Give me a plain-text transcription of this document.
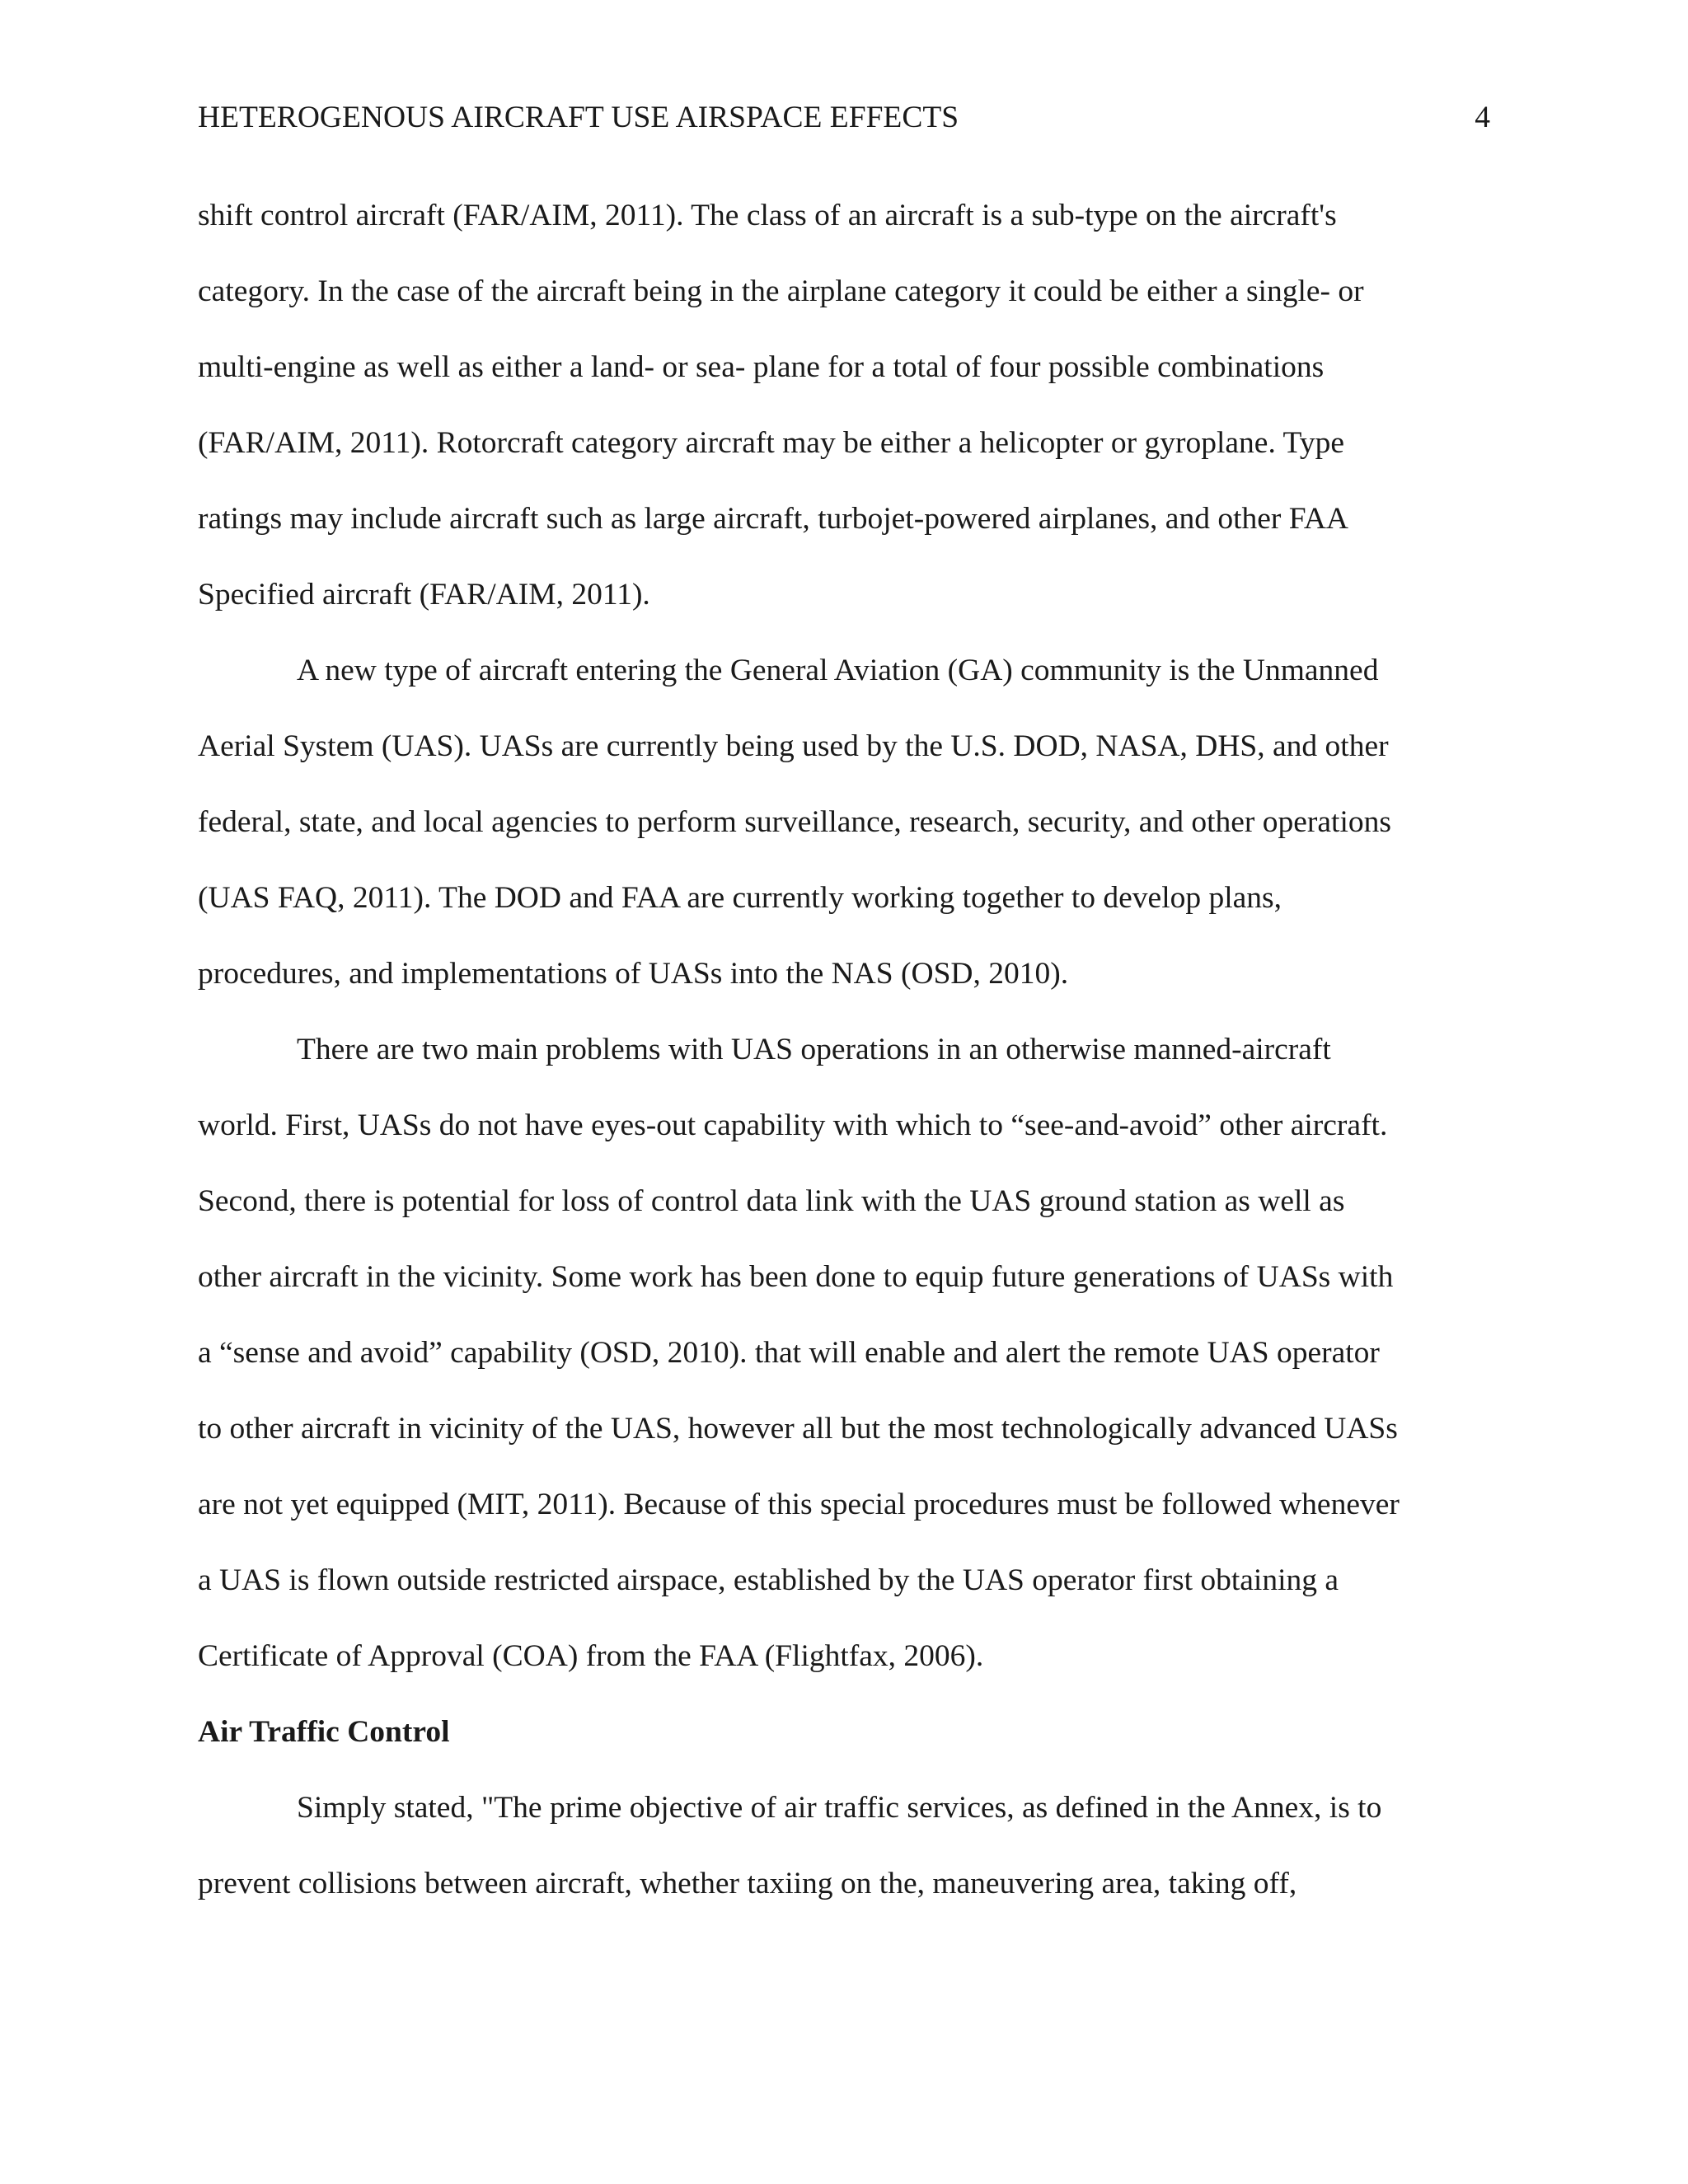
HETEROGENOUS AIRCRAFT USE AIRSPACE EFFECTS	4
shift control aircraft (FAR/AIM, 2011). The class of an aircraft is a sub-type on the aircraft's
category. In the case of the aircraft being in the airplane category it could be either a single- or
multi-engine as well as either a land- or sea- plane for a total of four possible combinations
(FAR/AIM, 2011). Rotorcraft category aircraft may be either a helicopter or gyroplane. Type
ratings may include aircraft such as large aircraft, turbojet-powered airplanes, and other FAA
Specified aircraft (FAR/AIM, 2011).
A new type of aircraft entering the General Aviation (GA) community is the Unmanned
Aerial System (UAS). UASs are currently being used by the U.S. DOD, NASA, DHS, and other
federal, state, and local agencies to perform surveillance, research, security, and other operations
(UAS FAQ, 2011). The DOD and FAA are currently working together to develop plans,
procedures, and implementations of UASs into the NAS (OSD, 2010).
There are two main problems with UAS operations in an otherwise manned-aircraft
world. First, UASs do not have eyes-out capability with which to “see-and-avoid” other aircraft.
Second, there is potential for loss of control data link with the UAS ground station as well as
other aircraft in the vicinity. Some work has been done to equip future generations of UASs with
a “sense and avoid” capability (OSD, 2010). that will enable and alert the remote UAS operator
to other aircraft in vicinity of the UAS, however all but the most technologically advanced UASs
are not yet equipped (MIT, 2011). Because of this special procedures must be followed whenever
a UAS is flown outside restricted airspace, established by the UAS operator first obtaining a
Certificate of Approval (COA) from the FAA (Flightfax, 2006).
Air Traffic Control
Simply stated, "The prime objective of air traffic services, as defined in the Annex, is to
prevent collisions between aircraft, whether taxiing on the, maneuvering area, taking off,
